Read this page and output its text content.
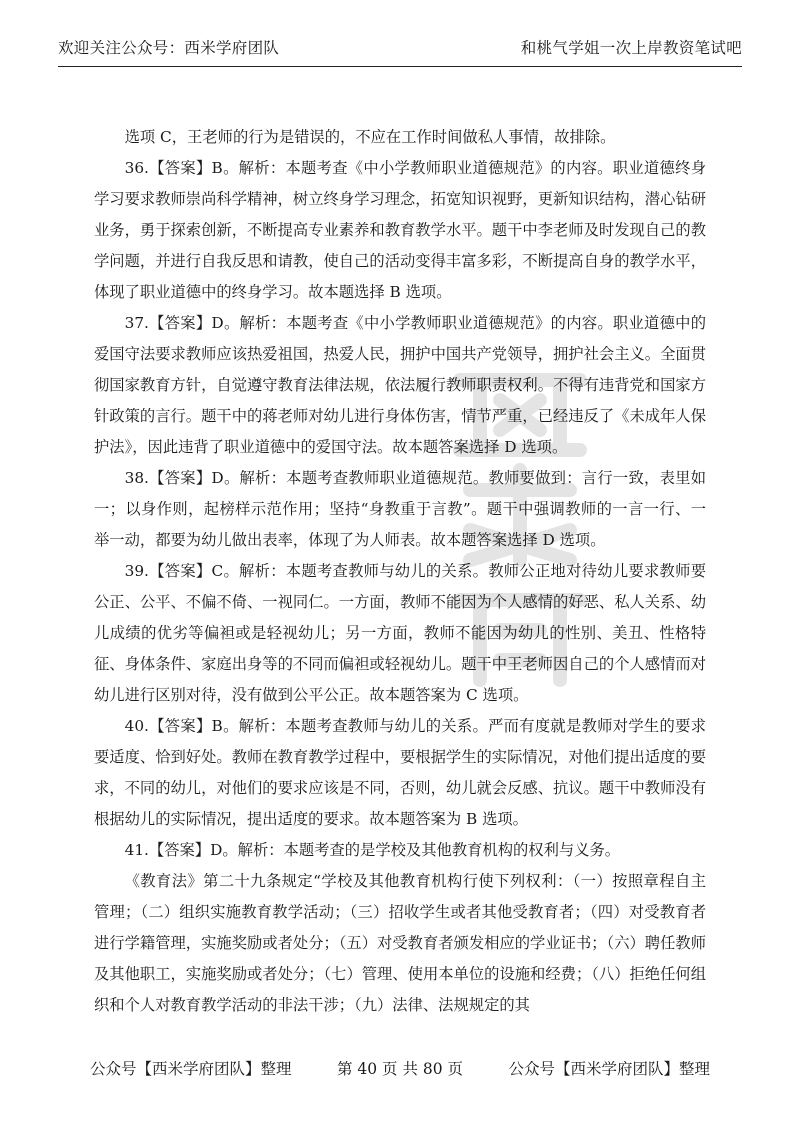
欢迎关注公众号：西米学府团队	和桃气学姐一次上岸教资笔试吧

选项 C，王老师的行为是错误的，不应在工作时间做私人事情，故排除。

36.【答案】B。解析：本题考查《中小学教师职业道德规范》的内容。职业道德终身学习要求教师崇尚科学精神，树立终身学习理念，拓宽知识视野，更新知识结构，潜心钻研业务，勇于探索创新，不断提高专业素养和教育教学水平。题干中李老师及时发现自己的教学问题，并进行自我反思和请教，使自己的活动变得丰富多彩，不断提高自身的教学水平，体现了职业道德中的终身学习。故本题选择 B 选项。

37.【答案】D。解析：本题考查《中小学教师职业道德规范》的内容。职业道德中的爱国守法要求教师应该热爱祖国，热爱人民，拥护中国共产党领导，拥护社会主义。全面贯彻国家教育方针，自觉遵守教育法律法规，依法履行教师职责权利。不得有违背党和国家方针政策的言行。题干中的蒋老师对幼儿进行身体伤害，情节严重，已经违反了《未成年人保护法》，因此违背了职业道德中的爱国守法。故本题答案选择 D 选项。

38.【答案】D。解析：本题考查教师职业道德规范。教师要做到：言行一致，表里如一；以身作则，起榜样示范作用；坚持“身教重于言教”。题干中强调教师的一言一行、一举一动，都要为幼儿做出表率，体现了为人师表。故本题答案选择 D 选项。

39.【答案】C。解析：本题考查教师与幼儿的关系。教师公正地对待幼儿要求教师要公正、公平、不偏不倚、一视同仁。一方面，教师不能因为个人感情的好恶、私人关系、幼儿成绩的优劣等偏袒或是轻视幼儿；另一方面，教师不能因为幼儿的性别、美丑、性格特征、身体条件、家庭出身等的不同而偏袒或轻视幼儿。题干中王老师因自己的个人感情而对幼儿进行区别对待，没有做到公平公正。故本题答案为 C 选项。

40.【答案】B。解析：本题考查教师与幼儿的关系。严而有度就是教师对学生的要求要适度、恰到好处。教师在教育教学过程中，要根据学生的实际情况，对他们提出适度的要求，不同的幼儿，对他们的要求应该是不同，否则，幼儿就会反感、抗议。题干中教师没有根据幼儿的实际情况，提出适度的要求。故本题答案为 B 选项。

41.【答案】D。解析：本题考查的是学校及其他教育机构的权利与义务。

《教育法》第二十九条规定“学校及其他教育机构行使下列权利：（一）按照章程自主管理；（二）组织实施教育教学活动；（三）招收学生或者其他受教育者；（四）对受教育者进行学籍管理，实施奖励或者处分；（五）对受教育者颁发相应的学业证书；（六）聘任教师及其他职工，实施奖励或者处分；（七）管理、使用本单位的设施和经费；（八）拒绝任何组织和个人对教育教学活动的非法干涉；（九）法律、法规规定的其

公众号【西米学府团队】整理	第 40 页 共 80 页	公众号【西米学府团队】整理
